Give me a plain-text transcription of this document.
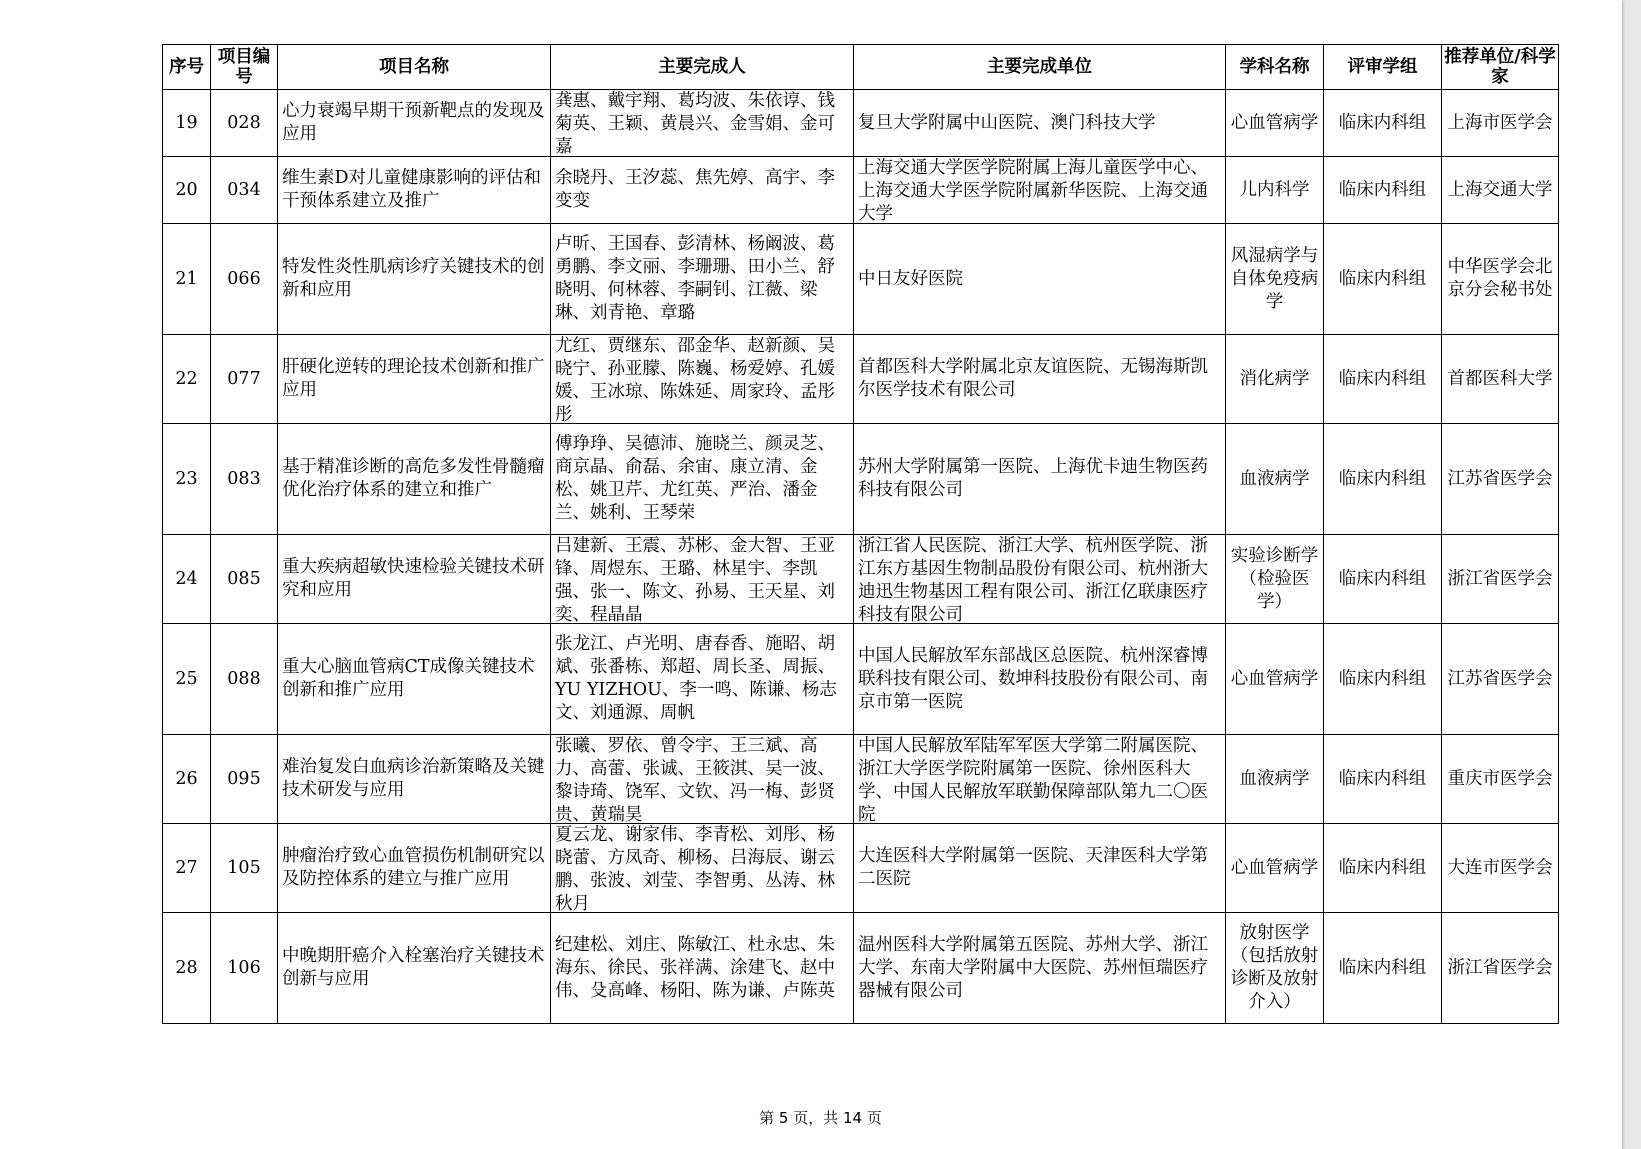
序号	项目编号	项目名称	主要完成人	主要完成单位	学科名称	评审学组	推荐单位/科学家
19	028	心力衰竭早期干预新靶点的发现及应用	龚惠、戴宇翔、葛均波、朱依谆、钱菊英、王颖、黄晨兴、金雪娟、金可嘉	复旦大学附属中山医院、澳门科技大学	心血管病学	临床内科组	上海市医学会
20	034	维生素D对儿童健康影响的评估和干预体系建立及推广	余晓丹、王汐蕊、焦先婷、高宇、李变变	上海交通大学医学院附属上海儿童医学中心、上海交通大学医学院附属新华医院、上海交通大学	儿内科学	临床内科组	上海交通大学
21	066	特发性炎性肌病诊疗关键技术的创新和应用	卢昕、王国春、彭清林、杨阚波、葛勇鹏、李文丽、李珊珊、田小兰、舒晓明、何林蓉、李嗣钊、江薇、梁琳、刘青艳、章璐	中日友好医院	风湿病学与自体免疫病学	临床内科组	中华医学会北京分会秘书处
22	077	肝硬化逆转的理论技术创新和推广应用	尤红、贾继东、邵金华、赵新颜、吴晓宁、孙亚朦、陈巍、杨爱婷、孔媛媛、王冰琼、陈姝延、周家玲、孟彤彤	首都医科大学附属北京友谊医院、无锡海斯凯尔医学技术有限公司	消化病学	临床内科组	首都医科大学
23	083	基于精准诊断的高危多发性骨髓瘤优化治疗体系的建立和推广	傅琤琤、吴德沛、施晓兰、颜灵芝、商京晶、俞磊、余宙、康立清、金松、姚卫芹、尤红英、严治、潘金兰、姚利、王琴荣	苏州大学附属第一医院、上海优卡迪生物医药科技有限公司	血液病学	临床内科组	江苏省医学会
24	085	重大疾病超敏快速检验关键技术研究和应用	吕建新、王震、苏彬、金大智、王亚锋、周煜东、王璐、林星宇、李凯强、张一、陈文、孙易、王天星、刘奕、程晶晶	浙江省人民医院、浙江大学、杭州医学院、浙江东方基因生物制品股份有限公司、杭州浙大迪迅生物基因工程有限公司、浙江亿联康医疗科技有限公司	实验诊断学（检验医学）	临床内科组	浙江省医学会
25	088	重大心脑血管病CT成像关键技术创新和推广应用	张龙江、卢光明、唐春香、施昭、胡斌、张番栋、郑超、周长圣、周振、YU YIZHOU、李一鸣、陈谦、杨志文、刘通源、周帆	中国人民解放军东部战区总医院、杭州深睿博联科技有限公司、数坤科技股份有限公司、南京市第一医院	心血管病学	临床内科组	江苏省医学会
26	095	难治复发白血病诊治新策略及关键技术研发与应用	张曦、罗依、曾令宇、王三斌、高力、高蕾、张诚、王筱淇、吴一波、黎诗琦、饶军、文钦、冯一梅、彭贤贵、黄瑞昊	中国人民解放军陆军军医大学第二附属医院、浙江大学医学院附属第一医院、徐州医科大学、中国人民解放军联勤保障部队第九二〇医院	血液病学	临床内科组	重庆市医学会
27	105	肿瘤治疗致心血管损伤机制研究以及防控体系的建立与推广应用	夏云龙、谢家伟、李青松、刘彤、杨晓蕾、方凤奇、柳杨、吕海辰、谢云鹏、张波、刘莹、李智勇、丛涛、林秋月	大连医科大学附属第一医院、天津医科大学第二医院	心血管病学	临床内科组	大连市医学会
28	106	中晚期肝癌介入栓塞治疗关键技术创新与应用	纪建松、刘庄、陈敏江、杜永忠、朱海东、徐民、张祥满、涂建飞、赵中伟、殳高峰、杨阳、陈为谦、卢陈英	温州医科大学附属第五医院、苏州大学、浙江大学、东南大学附属中大医院、苏州恒瑞医疗器械有限公司	放射医学（包括放射诊断及放射介入）	临床内科组	浙江省医学会
第 5 页，共 14 页
